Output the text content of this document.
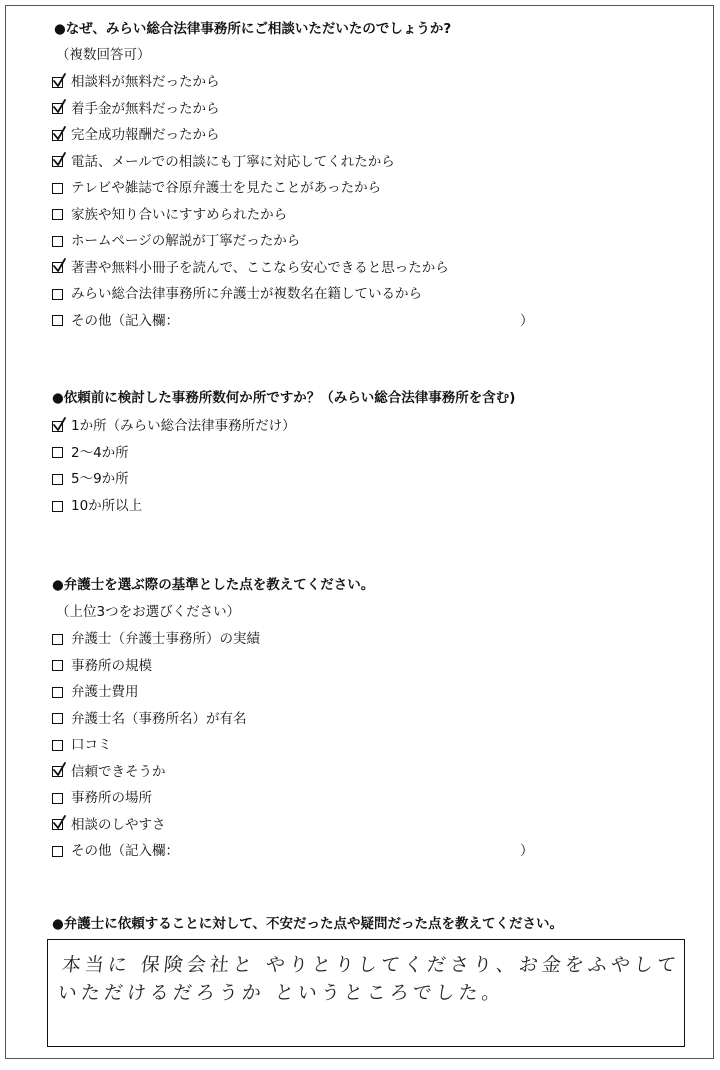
●なぜ、みらい総合法律事務所にご相談いただいたのでしょうか?
（複数回答可）
相談料が無料だったから
着手金が無料だったから
完全成功報酬だったから
電話、メールでの相談にも丁寧に対応してくれたから
テレビや雑誌で谷原弁護士を見たことがあったから
家族や知り合いにすすめられたから
ホームページの解説が丁寧だったから
著書や無料小冊子を読んで、ここなら安心できると思ったから
みらい総合法律事務所に弁護士が複数名在籍しているから
その他（記入欄：	）
●依頼前に検討した事務所数何か所ですか？（みらい総合法律事務所を含む)
1か所（みらい総合法律事務所だけ）
2～4か所
5～9か所
10か所以上
●弁護士を選ぶ際の基準とした点を教えてください。
（上位3つをお選びください）
弁護士（弁護士事務所）の実績
事務所の規模
弁護士費用
弁護士名（事務所名）が有名
口コミ
信頼できそうか
事務所の場所
相談のしやすさ
その他（記入欄：	）
●弁護士に依頼することに対して、不安だった点や疑問だった点を教えてください。
本当に 保険会社と やりとりしてくださり、お金をふやして
いただけるだろうか というところでした。
